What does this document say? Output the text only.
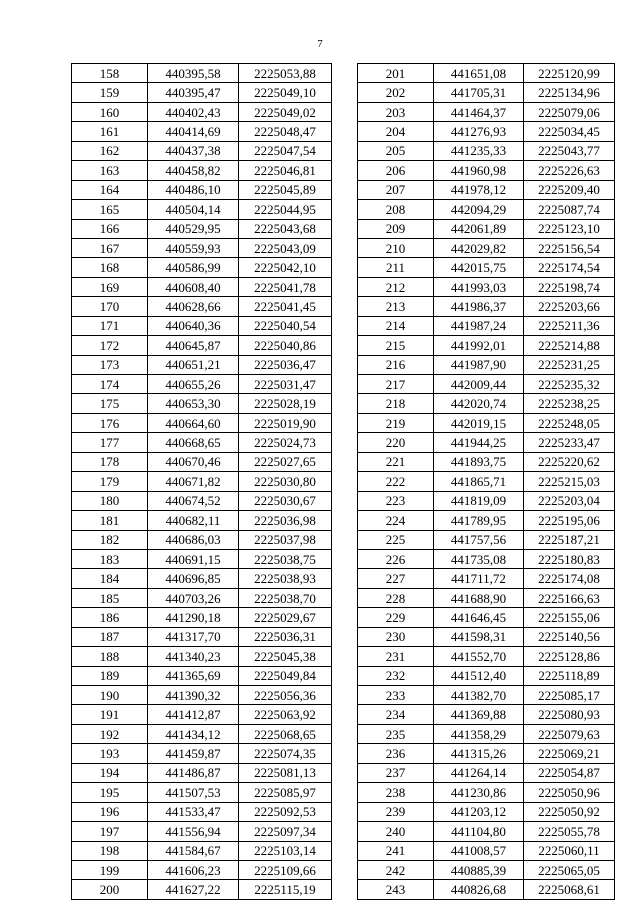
7
158	440395,58	2225053,88
159	440395,47	2225049,10
160	440402,43	2225049,02
161	440414,69	2225048,47
162	440437,38	2225047,54
163	440458,82	2225046,81
164	440486,10	2225045,89
165	440504,14	2225044,95
166	440529,95	2225043,68
167	440559,93	2225043,09
168	440586,99	2225042,10
169	440608,40	2225041,78
170	440628,66	2225041,45
171	440640,36	2225040,54
172	440645,87	2225040,86
173	440651,21	2225036,47
174	440655,26	2225031,47
175	440653,30	2225028,19
176	440664,60	2225019,90
177	440668,65	2225024,73
178	440670,46	2225027,65
179	440671,82	2225030,80
180	440674,52	2225030,67
181	440682,11	2225036,98
182	440686,03	2225037,98
183	440691,15	2225038,75
184	440696,85	2225038,93
185	440703,26	2225038,70
186	441290,18	2225029,67
187	441317,70	2225036,31
188	441340,23	2225045,38
189	441365,69	2225049,84
190	441390,32	2225056,36
191	441412,87	2225063,92
192	441434,12	2225068,65
193	441459,87	2225074,35
194	441486,87	2225081,13
195	441507,53	2225085,97
196	441533,47	2225092,53
197	441556,94	2225097,34
198	441584,67	2225103,14
199	441606,23	2225109,66
200	441627,22	2225115,19
201	441651,08	2225120,99
202	441705,31	2225134,96
203	441464,37	2225079,06
204	441276,93	2225034,45
205	441235,33	2225043,77
206	441960,98	2225226,63
207	441978,12	2225209,40
208	442094,29	2225087,74
209	442061,89	2225123,10
210	442029,82	2225156,54
211	442015,75	2225174,54
212	441993,03	2225198,74
213	441986,37	2225203,66
214	441987,24	2225211,36
215	441992,01	2225214,88
216	441987,90	2225231,25
217	442009,44	2225235,32
218	442020,74	2225238,25
219	442019,15	2225248,05
220	441944,25	2225233,47
221	441893,75	2225220,62
222	441865,71	2225215,03
223	441819,09	2225203,04
224	441789,95	2225195,06
225	441757,56	2225187,21
226	441735,08	2225180,83
227	441711,72	2225174,08
228	441688,90	2225166,63
229	441646,45	2225155,06
230	441598,31	2225140,56
231	441552,70	2225128,86
232	441512,40	2225118,89
233	441382,70	2225085,17
234	441369,88	2225080,93
235	441358,29	2225079,63
236	441315,26	2225069,21
237	441264,14	2225054,87
238	441230,86	2225050,96
239	441203,12	2225050,92
240	441104,80	2225055,78
241	441008,57	2225060,11
242	440885,39	2225065,05
243	440826,68	2225068,61
